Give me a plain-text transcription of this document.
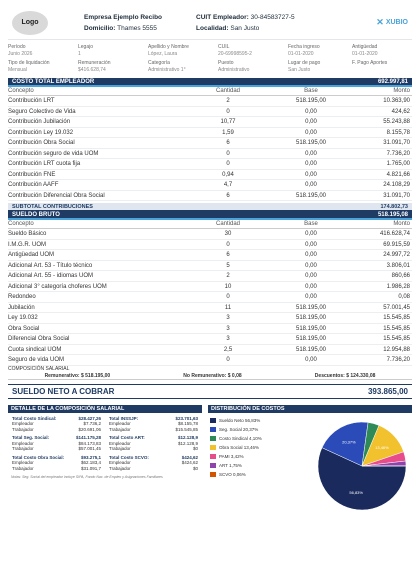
Logo
Empresa Ejemplo Recibo
Domicilio: Thames 5555
CUIT Empleador: 30-84583727-5
Localidad: San Justo
✕ XUBIO
Período
Junio 2026
Legajo
1
Apellido y Nombre
López, Laura
CUIL
20-69998595-2
Fecha ingreso
01-01-2020
Antigüedad
01-01-2020
Tipo de liquidación
Mensual
Remuneración
$416.628,74
Categoría
Administrativo 1°
Puesto
Administrativo
Lugar de pago
San Justo
F. Pago Aportes
COSTO TOTAL EMPLEADOR	692.997,81
Concepto	Cantidad	Base	Monto
Contribución LRT	2	518.195,00	10.363,90
Seguro Colectivo de Vida	0	0,00	424,62
Contribución Jubilación	10,77	0,00	55.243,88
Contribución Ley 19.032	1,59	0,00	8.155,78
Contribución Obra Social	6	518.195,00	31.091,70
Contribución seguro de vida UOM	0	0,00	7.736,20
Contribución LRT cuota fija	0	0,00	1.765,00
Contribución FNE	0,94	0,00	4.821,66
Contribución AAFF	4,7	0,00	24.108,29
Contribución Diferencial Obra Social	6	518.195,00	31.091,70
SUBTOTAL CONTRIBUCIONES	174.802,73
SUELDO BRUTO	518.195,08
Concepto	Cantidad	Base	Monto
Sueldo Básico	30	0,00	416.628,74
I.M.G.R. UOM	0	0,00	69.915,59
Antigüedad UOM	6	0,00	24.997,72
Adicional Art. 53 - Título técnico	5	0,00	3.806,01
Adicional Art. 55 - idiomas UOM	2	0,00	860,66
Adicional 3° categoría choferes UOM	10	0,00	1.986,28
Redondeo	0	0,00	0,08
Jubilación	11	518.195,00	57.001,45
Ley 19.032	3	518.195,00	15.545,85
Obra Social	3	518.195,00	15.545,85
Diferencial Obra Social	3	518.195,00	15.545,85
Cuota sindical UOM	2,5	518.195,00	12.954,88
Seguro de vida UOM	0	0,00	7.736,20
COMPOSICIÓN SALARIAL
Remunerativo: $ 518.195,00	No Remunerativo: $ 0,08	Descuentos: $ 124.330,08
SUELDO NETO A COBRAR	393.865,00
DETALLE DE LA COMPOSICIÓN SALARIAL
Total Costo Sindical:	$28.427,26
Empleador	$7.736,2
Trabajador	$20.691,06
Total INSSJP:	$23.701,63
Empleador	$8.155,78
Trabajador	$15.545,85
Total Seg. Social:	$141.175,28
Empleador	$84.173,83
Trabajador	$57.001,45
Total Costo ART:	$12.128,9
Empleador	$12.128,9
Trabajador	$0
Total Costo Obra Social:	$93.275,1
Empleador	$62.183,4
Trabajador	$31.091,7
Total Costo SCVO:	$424,62
Empleador	$424,62
Trabajador	$0
Notas: Seg. Social del empleador incluye SIPA, Fondo Nac. de Empleo y Asignaciones Familiares
DISTRIBUCIÓN DE COSTOS
Sueldo Neto 56,83%
Seg. Social 20,37%
Costo Sindical 4,10%
Obra Social 13,46%
PAMI 3,42%
ART 1,75%
SCVO 0,06%
56,83%
20,37%
13,46%
